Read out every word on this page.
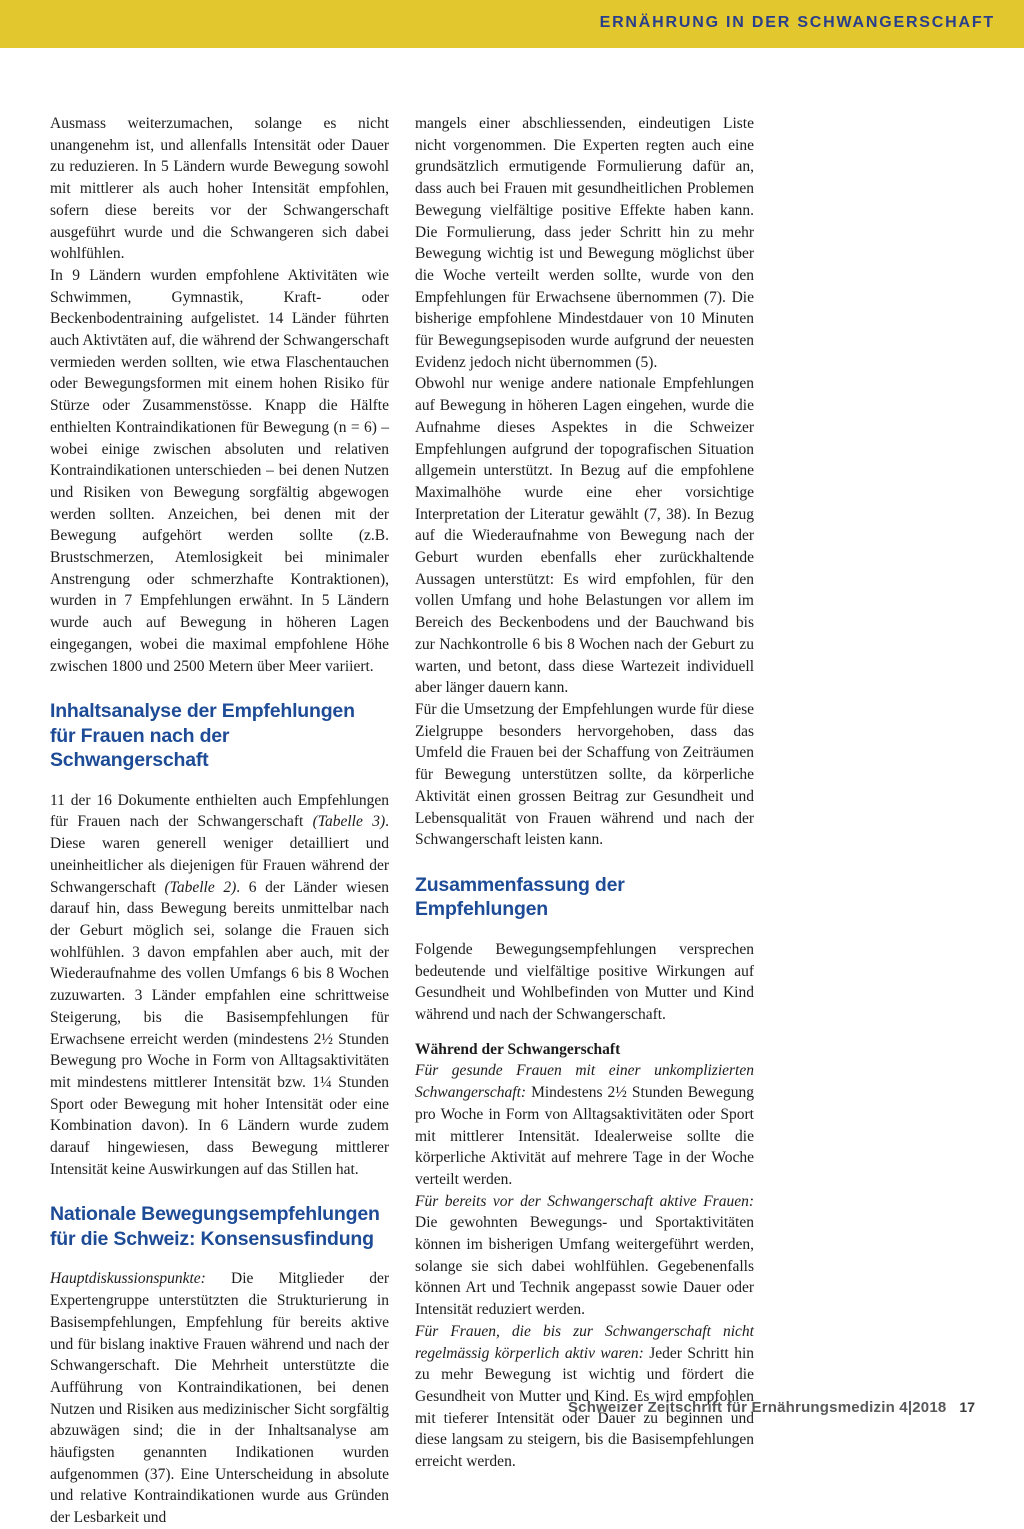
ERNÄHRUNG IN DER SCHWANGERSCHAFT

Ausmass weiterzumachen, solange es nicht unangenehm ist, und allenfalls Intensität oder Dauer zu reduzieren. In 5 Ländern wurde Bewegung sowohl mit mittlerer als auch hoher Intensität empfohlen, sofern diese bereits vor der Schwangerschaft ausgeführt wurde und die Schwangeren sich dabei wohlfühlen.

In 9 Ländern wurden empfohlene Aktivitäten wie Schwimmen, Gymnastik, Kraft- oder Beckenbodentraining aufgelistet. 14 Länder führten auch Aktivtäten auf, die während der Schwangerschaft vermieden werden sollten, wie etwa Flaschentauchen oder Bewegungsformen mit einem hohen Risiko für Stürze oder Zusammenstösse. Knapp die Hälfte enthielten Kontraindikationen für Bewegung (n = 6) – wobei einige zwischen absoluten und relativen Kontraindikationen unterschieden – bei denen Nutzen und Risiken von Bewegung sorgfältig abgewogen werden sollten. Anzeichen, bei denen mit der Bewegung aufgehört werden sollte (z.B. Brustschmerzen, Atemlosigkeit bei minimaler Anstrengung oder schmerzhafte Kontraktionen), wurden in 7 Empfehlungen erwähnt. In 5 Ländern wurde auch auf Bewegung in höheren Lagen eingegangen, wobei die maximal empfohlene Höhe zwischen 1800 und 2500 Metern über Meer variiert.

Inhaltsanalyse der Empfehlungen
für Frauen nach der Schwangerschaft

11 der 16 Dokumente enthielten auch Empfehlungen für Frauen nach der Schwangerschaft (Tabelle 3). Diese waren generell weniger detailliert und uneinheitlicher als diejenigen für Frauen während der Schwangerschaft (Tabelle 2). 6 der Länder wiesen darauf hin, dass Bewegung bereits unmittelbar nach der Geburt möglich sei, solange die Frauen sich wohlfühlen. 3 davon empfahlen aber auch, mit der Wiederaufnahme des vollen Umfangs 6 bis 8 Wochen zuzuwarten. 3 Länder empfahlen eine schrittweise Steigerung, bis die Basisempfehlungen für Erwachsene erreicht werden (mindestens 2½ Stunden Bewegung pro Woche in Form von Alltagsaktivitäten mit mindestens mittlerer Intensität bzw. 1¼ Stunden Sport oder Bewegung mit hoher Intensität oder eine Kombination davon). In 6 Ländern wurde zudem darauf hingewiesen, dass Bewegung mittlerer Intensität keine Auswirkungen auf das Stillen hat.

Nationale Bewegungsempfehlungen
für die Schweiz: Konsensusfindung

Hauptdiskussionspunkte: Die Mitglieder der Expertengruppe unterstützten die Strukturierung in Basisempfehlungen, Empfehlung für bereits aktive und für bislang inaktive Frauen während und nach der Schwangerschaft. Die Mehrheit unterstützte die Aufführung von Kontraindikationen, bei denen Nutzen und Risiken aus medizinischer Sicht sorgfältig abzuwägen sind; die in der Inhaltsanalyse am häufigsten genannten Indikationen wurden aufgenommen (37). Eine Unterscheidung in absolute und relative Kontraindikationen wurde aus Gründen der Lesbarkeit und

mangels einer abschliessenden, eindeutigen Liste nicht vorgenommen. Die Experten regten auch eine grundsätzlich ermutigende Formulierung dafür an, dass auch bei Frauen mit gesundheitlichen Problemen Bewegung vielfältige positive Effekte haben kann. Die Formulierung, dass jeder Schritt hin zu mehr Bewegung wichtig ist und Bewegung möglichst über die Woche verteilt werden sollte, wurde von den Empfehlungen für Erwachsene übernommen (7). Die bisherige empfohlene Mindestdauer von 10 Minuten für Bewegungsepisoden wurde aufgrund der neuesten Evidenz jedoch nicht übernommen (5).

Obwohl nur wenige andere nationale Empfehlungen auf Bewegung in höheren Lagen eingehen, wurde die Aufnahme dieses Aspektes in die Schweizer Empfehlungen aufgrund der topografischen Situation allgemein unterstützt. In Bezug auf die empfohlene Maximalhöhe wurde eine eher vorsichtige Interpretation der Literatur gewählt (7, 38). In Bezug auf die Wiederaufnahme von Bewegung nach der Geburt wurden ebenfalls eher zurückhaltende Aussagen unterstützt: Es wird empfohlen, für den vollen Umfang und hohe Belastungen vor allem im Bereich des Beckenbodens und der Bauchwand bis zur Nachkontrolle 6 bis 8 Wochen nach der Geburt zu warten, und betont, dass diese Wartezeit individuell aber länger dauern kann.

Für die Umsetzung der Empfehlungen wurde für diese Zielgruppe besonders hervorgehoben, dass das Umfeld die Frauen bei der Schaffung von Zeiträumen für Bewegung unterstützen sollte, da körperliche Aktivität einen grossen Beitrag zur Gesundheit und Lebensqualität von Frauen während und nach der Schwangerschaft leisten kann.

Zusammenfassung der Empfehlungen

Folgende Bewegungsempfehlungen versprechen bedeutende und vielfältige positive Wirkungen auf Gesundheit und Wohlbefinden von Mutter und Kind während und nach der Schwangerschaft.

Während der Schwangerschaft

Für gesunde Frauen mit einer unkomplizierten Schwangerschaft: Mindestens 2½ Stunden Bewegung pro Woche in Form von Alltagsaktivitäten oder Sport mit mittlerer Intensität. Idealerweise sollte die körperliche Aktivität auf mehrere Tage in der Woche verteilt werden.

Für bereits vor der Schwangerschaft aktive Frauen: Die gewohnten Bewegungs- und Sportaktivitäten können im bisherigen Umfang weitergeführt werden, solange sie sich dabei wohlfühlen. Gegebenenfalls können Art und Technik angepasst sowie Dauer oder Intensität reduziert werden.

Für Frauen, die bis zur Schwangerschaft nicht regelmässig körperlich aktiv waren: Jeder Schritt hin zu mehr Bewegung ist wichtig und fördert die Gesundheit von Mutter und Kind. Es wird empfohlen mit tieferer Intensität oder Dauer zu beginnen und diese langsam zu steigern, bis die Basisempfehlungen erreicht werden.

Schweizer Zeitschrift für Ernährungsmedizin 4|2018 17
